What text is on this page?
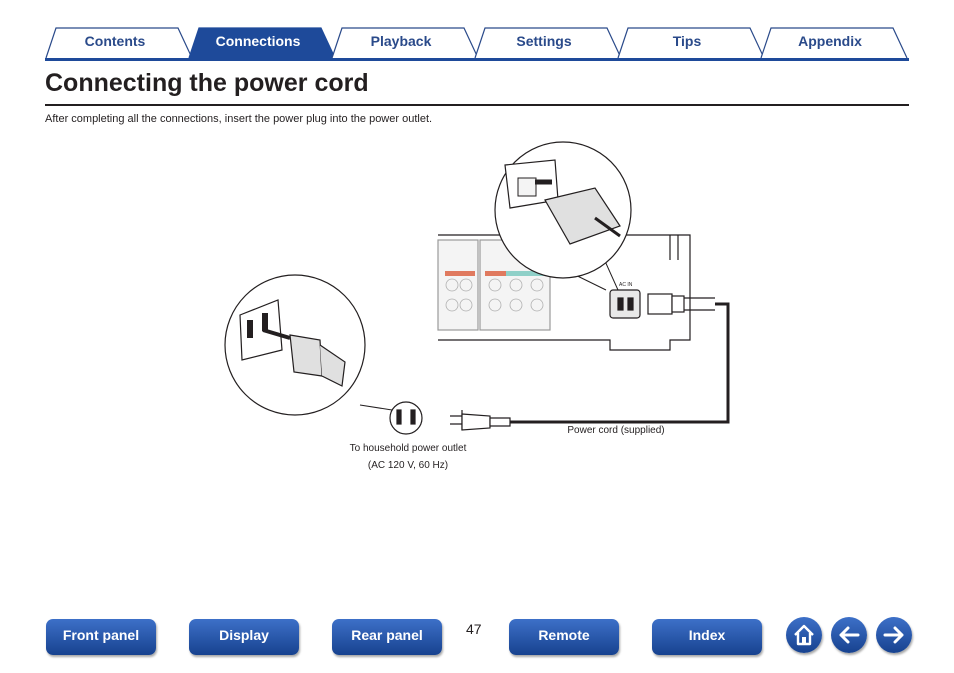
Contents	Connections	Playback	Settings	Tips	Appendix
Connecting the power cord
After completing all the connections, insert the power plug into the power outlet.
AC IN
To household power outlet
(AC 120 V, 60 Hz)
Power cord (supplied)
Front panel	Display	Rear panel	47	Remote	Index
